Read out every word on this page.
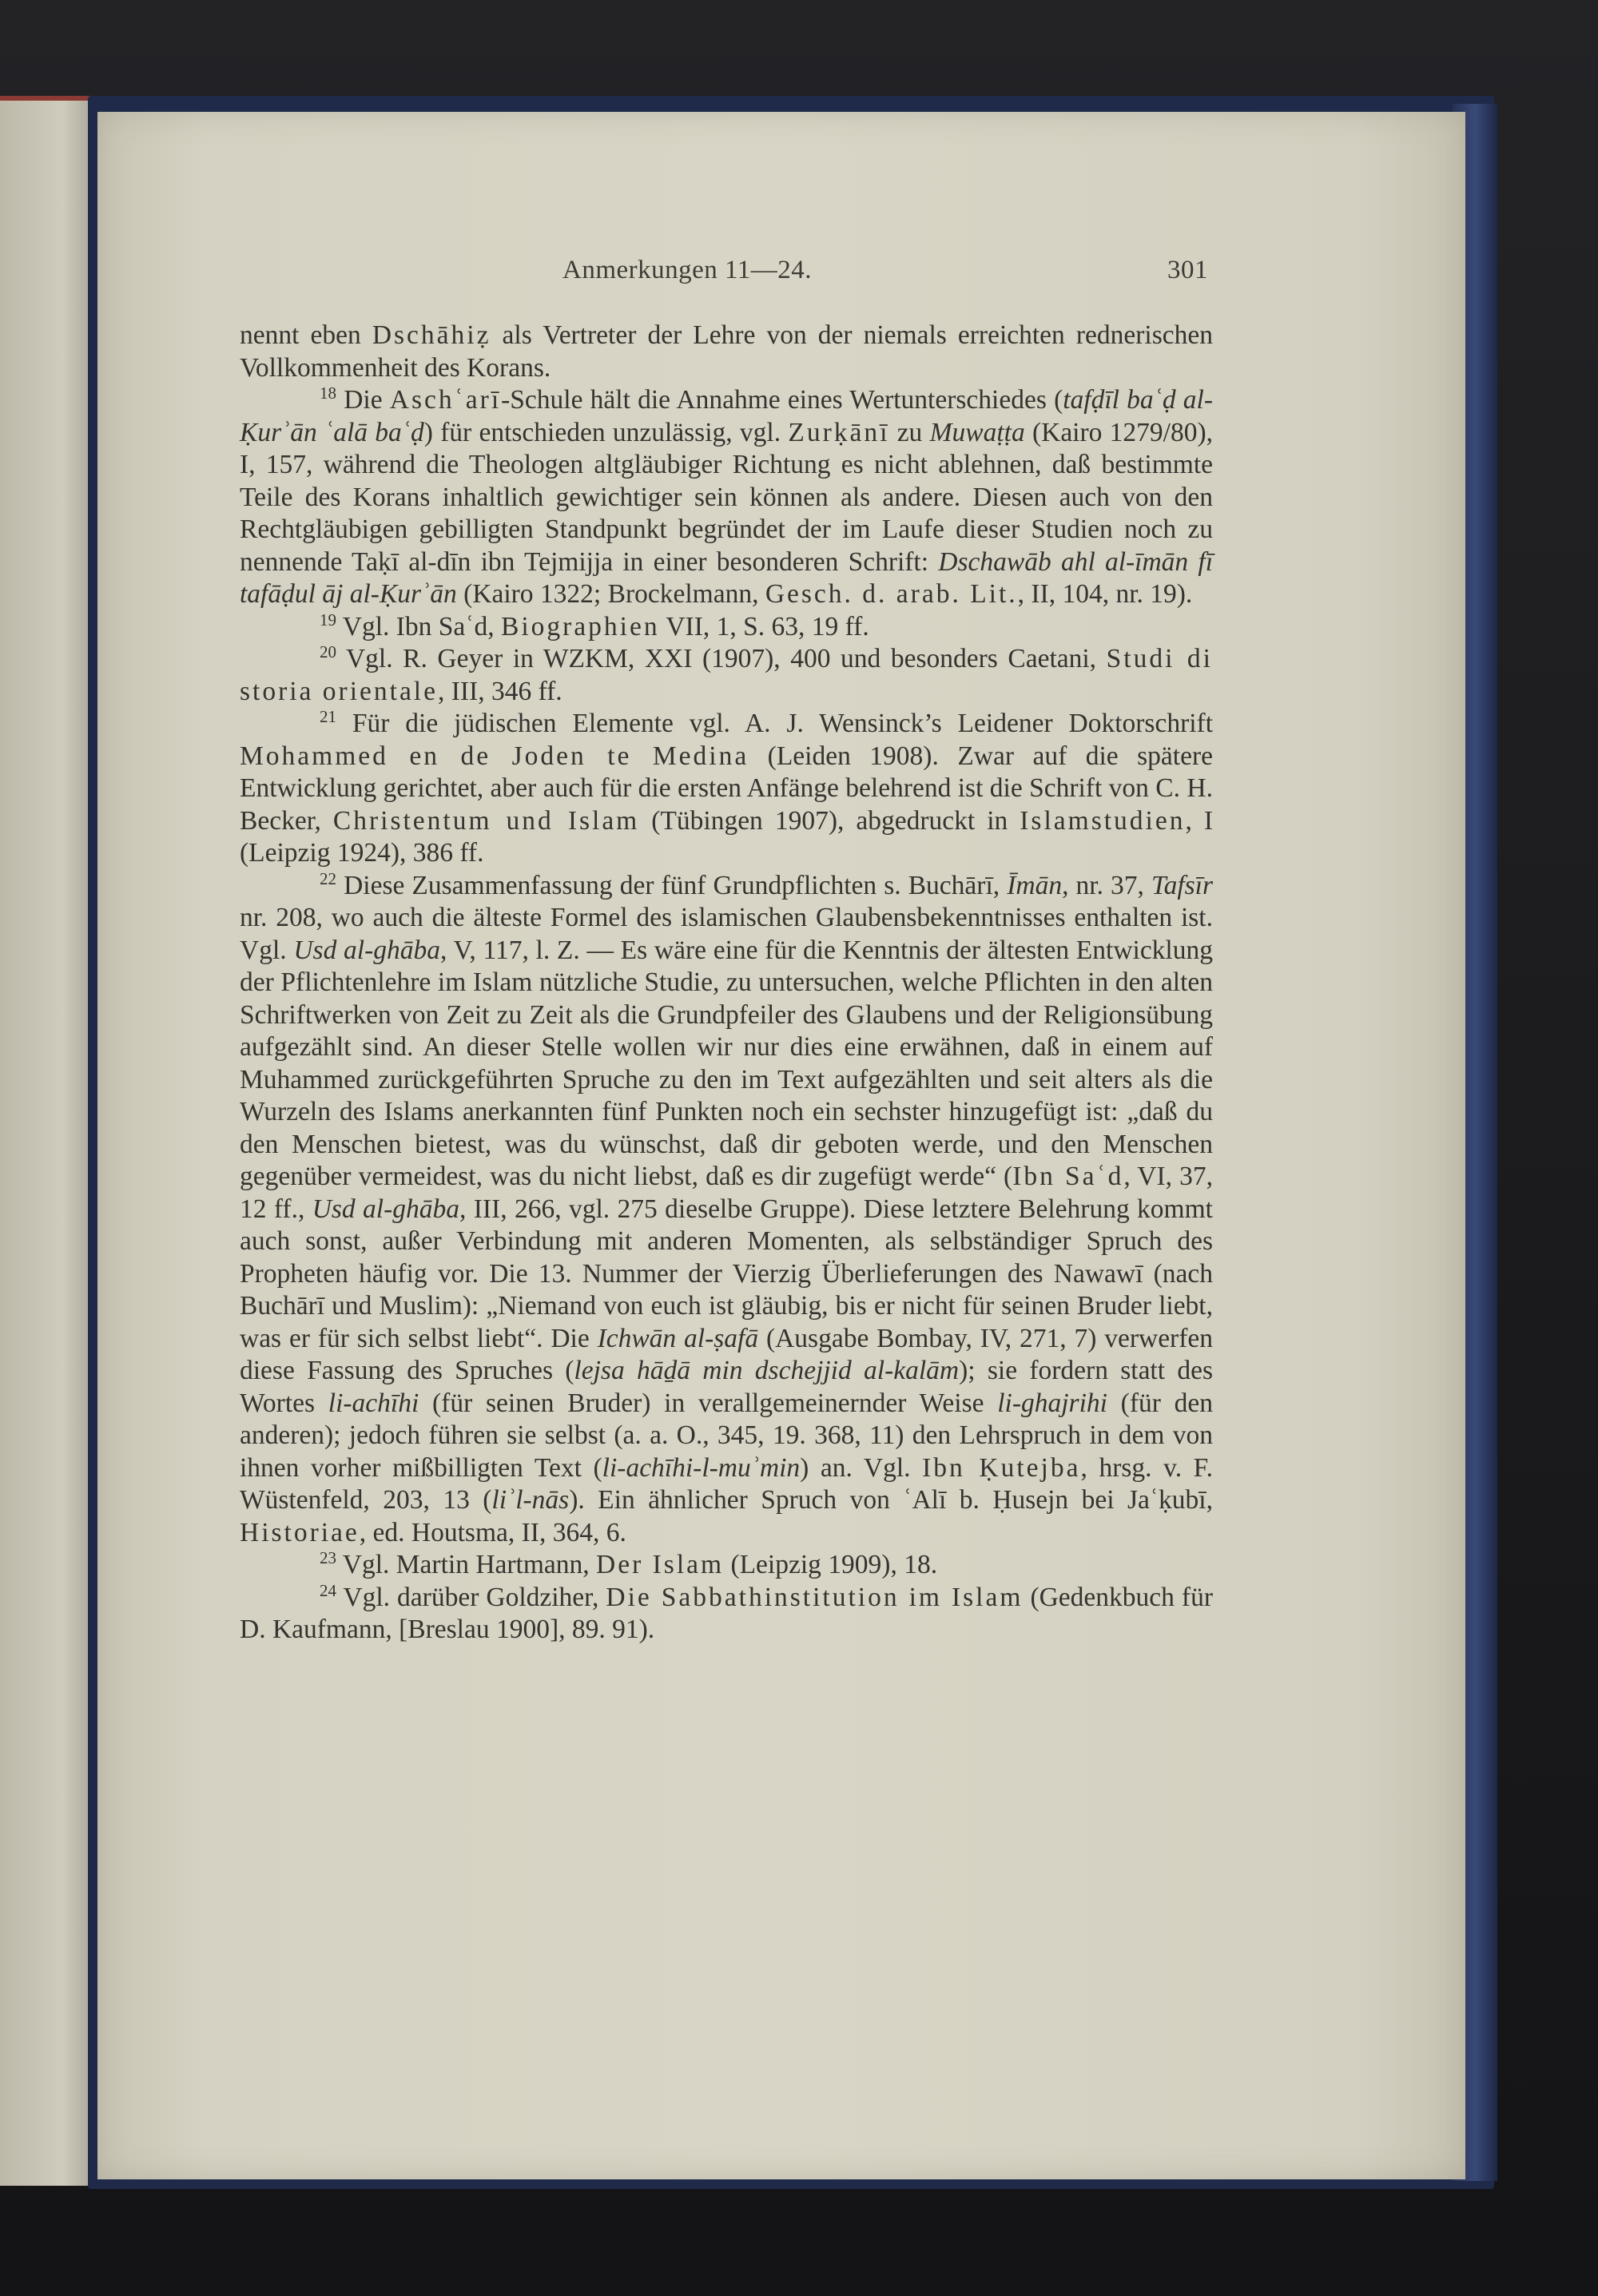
Anmerkungen 11—24.	301

nennt eben Dschāhiẓ als Vertreter der Lehre von der niemals erreichten rednerischen Vollkommenheit des Korans.

$^{18}$ Die Aschʿarī-Schule hält die Annahme eines Wertunterschiedes (tafḍīl baʿḍ al-Ḳurʾān ʿalā baʿḍ) für entschieden unzulässig, vgl. Zurḳānī zu Muwaṭṭa (Kairo 1279/80), I, 157, während die Theologen altgläubiger Richtung es nicht ablehnen, daß bestimmte Teile des Korans inhaltlich gewichtiger sein können als andere. Diesen auch von den Rechtgläubigen gebilligten Standpunkt begründet der im Laufe dieser Studien noch zu nennende Taḳī al-dīn ibn Tejmijja in einer besonderen Schrift: Dschawāb ahl al-īmān fī tafāḍul āj al-Ḳurʾān (Kairo 1322; Brockelmann, Gesch. d. arab. Lit., II, 104, nr. 19).

$^{19}$ Vgl. Ibn Saʿd, Biographien VII, 1, S. 63, 19 ff.

$^{20}$ Vgl. R. Geyer in WZKM, XXI (1907), 400 und besonders Caetani, Studi di storia orientale, III, 346 ff.

$^{21}$ Für die jüdischen Elemente vgl. A. J. Wensinck’s Leidener Doktorschrift Mohammed en de Joden te Medina (Leiden 1908). Zwar auf die spätere Entwicklung gerichtet, aber auch für die ersten Anfänge belehrend ist die Schrift von C. H. Becker, Christentum und Islam (Tübingen 1907), abgedruckt in Islamstudien, I (Leipzig 1924), 386 ff.

$^{22}$ Diese Zusammenfassung der fünf Grundpflichten s. Buchārī, Īmān, nr. 37, Tafsīr nr. 208, wo auch die älteste Formel des islamischen Glaubensbekenntnisses enthalten ist. Vgl. Usd al-ghāba, V, 117, l. Z. — Es wäre eine für die Kenntnis der ältesten Entwicklung der Pflichtenlehre im Islam nützliche Studie, zu untersuchen, welche Pflichten in den alten Schriftwerken von Zeit zu Zeit als die Grundpfeiler des Glaubens und der Religionsübung aufgezählt sind. An dieser Stelle wollen wir nur dies eine erwähnen, daß in einem auf Muhammed zurückgeführten Spruche zu den im Text aufgezählten und seit alters als die Wurzeln des Islams anerkannten fünf Punkten noch ein sechster hinzugefügt ist: „daß du den Menschen bietest, was du wünschst, daß dir geboten werde, und den Menschen gegenüber vermeidest, was du nicht liebst, daß es dir zugefügt werde“ (Ibn Saʿd, VI, 37, 12 ff., Usd al-ghāba, III, 266, vgl. 275 dieselbe Gruppe). Diese letztere Belehrung kommt auch sonst, außer Verbindung mit anderen Momenten, als selbständiger Spruch des Propheten häufig vor. Die 13. Nummer der Vierzig Überlieferungen des Nawawī (nach Buchārī und Muslim): „Niemand von euch ist gläubig, bis er nicht für seinen Bruder liebt, was er für sich selbst liebt“. Die Ichwān al-ṣafā (Ausgabe Bombay, IV, 271, 7) verwerfen diese Fassung des Spruches (lejsa hāḏā min dschejjid al-kalām); sie fordern statt des Wortes li-achīhi (für seinen Bruder) in verallgemeinernder Weise li-ghajrihi (für den anderen); jedoch führen sie selbst (a. a. O., 345, 19. 368, 11) den Lehrspruch in dem von ihnen vorher mißbilligten Text (li-achīhi-l-muʾmin) an. Vgl. Ibn Ḳutejba, hrsg. v. F. Wüstenfeld, 203, 13 (liʾl-nās). Ein ähnlicher Spruch von ʿAlī b. Ḥusejn bei Jaʿḳubī, Historiae, ed. Houtsma, II, 364, 6.

$^{23}$ Vgl. Martin Hartmann, Der Islam (Leipzig 1909), 18.

$^{24}$ Vgl. darüber Goldziher, Die Sabbathinstitution im Islam (Gedenkbuch für D. Kaufmann, [Breslau 1900], 89. 91).
